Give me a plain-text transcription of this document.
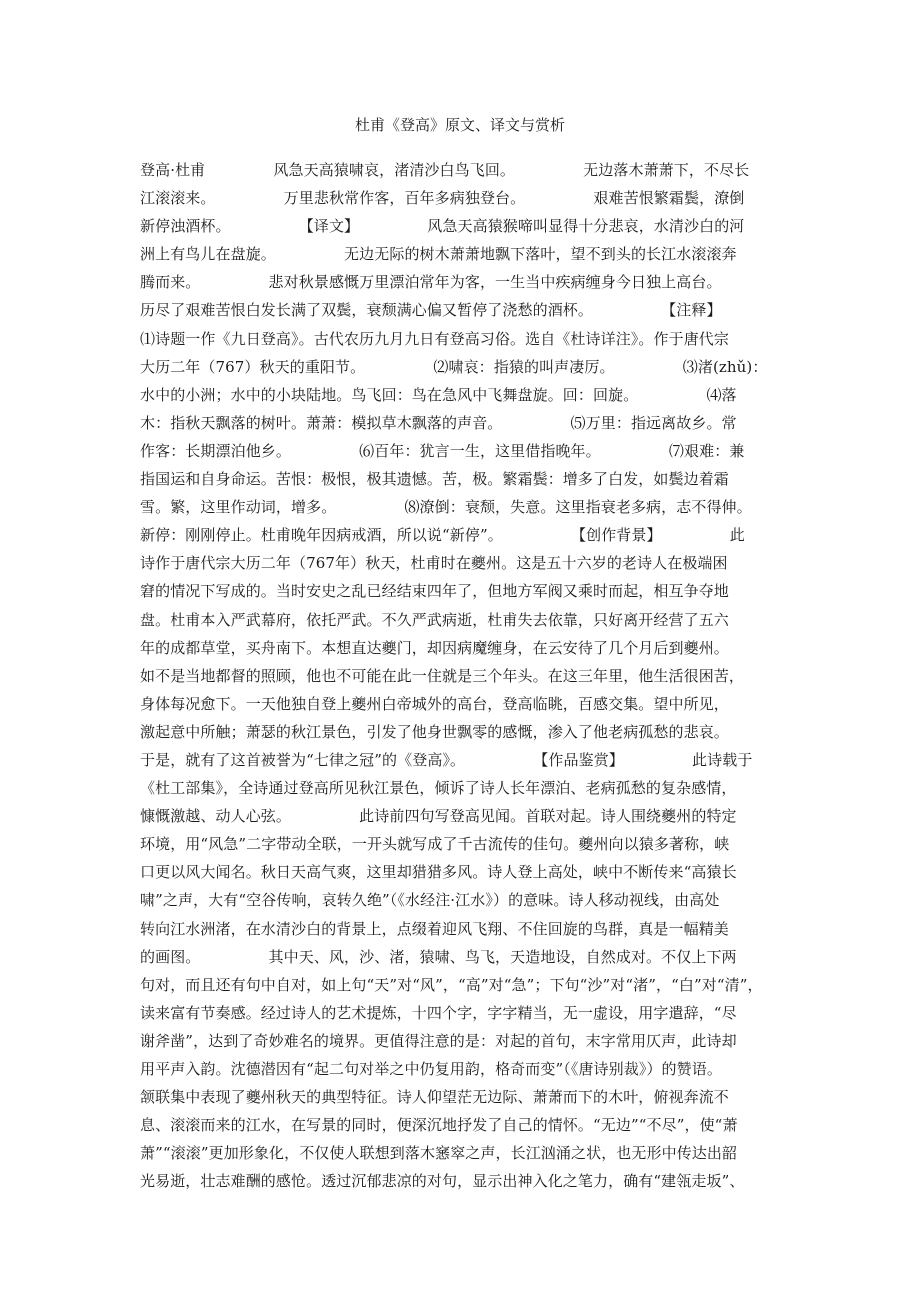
杜甫《登高》原文、译文与赏析
登高·杜甫              风急天高猿啸哀，渚清沙白鸟飞回。              无边落木萧萧下，不尽长
江滚滚来。              万里悲秋常作客，百年多病独登台。              艰难苦恨繁霜鬓，潦倒
新停浊酒杯。              【译文】              风急天高猿猴啼叫显得十分悲哀，水清沙白的河
洲上有鸟儿在盘旋。              无边无际的树木萧萧地飘下落叶，望不到头的长江水滚滚奔
腾而来。              悲对秋景感慨万里漂泊常年为客，一生当中疾病缠身今日独上高台。
历尽了艰难苦恨白发长满了双鬓，衰颓满心偏又暂停了浇愁的酒杯。              【注释】
⑴诗题一作《九日登高》。古代农历九月九日有登高习俗。选自《杜诗详注》。作于唐代宗
大历二年（767）秋天的重阳节。              ⑵啸哀：指猿的叫声凄厉。              ⑶渚(zhǔ)：
水中的小洲；水中的小块陆地。鸟飞回：鸟在急风中飞舞盘旋。回：回旋。              ⑷落
木：指秋天飘落的树叶。萧萧：模拟草木飘落的声音。              ⑸万里：指远离故乡。常
作客：长期漂泊他乡。              ⑹百年：犹言一生，这里借指晚年。              ⑺艰难：兼
指国运和自身命运。苦恨：极恨，极其遗憾。苦，极。繁霜鬓：增多了白发，如鬓边着霜
雪。繁，这里作动词，增多。              ⑻潦倒：衰颓，失意。这里指衰老多病，志不得伸。
新停：刚刚停止。杜甫晚年因病戒酒，所以说“新停”。              【创作背景】              此
诗作于唐代宗大历二年（767年）秋天，杜甫时在夔州。这是五十六岁的老诗人在极端困
窘的情况下写成的。当时安史之乱已经结束四年了，但地方军阀又乘时而起，相互争夺地
盘。杜甫本入严武幕府，依托严武。不久严武病逝，杜甫失去依靠，只好离开经营了五六
年的成都草堂，买舟南下。本想直达夔门，却因病魔缠身，在云安待了几个月后到夔州。
如不是当地都督的照顾，他也不可能在此一住就是三个年头。在这三年里，他生活很困苦，
身体每况愈下。一天他独自登上夔州白帝城外的高台，登高临眺，百感交集。望中所见，
激起意中所触；萧瑟的秋江景色，引发了他身世飘零的感慨，渗入了他老病孤愁的悲哀。
于是，就有了这首被誉为“七律之冠”的《登高》。              【作品鉴赏】              此诗载于
《杜工部集》，全诗通过登高所见秋江景色，倾诉了诗人长年漂泊、老病孤愁的复杂感情，
慷慨激越、动人心弦。              此诗前四句写登高见闻。首联对起。诗人围绕夔州的特定
环境，用“风急”二字带动全联，一开头就写成了千古流传的佳句。夔州向以猿多著称，峡
口更以风大闻名。秋日天高气爽，这里却猎猎多风。诗人登上高处，峡中不断传来“高猿长
啸”之声，大有“空谷传响，哀转久绝”（《水经注·江水》）的意味。诗人移动视线，由高处
转向江水洲渚，在水清沙白的背景上，点缀着迎风飞翔、不住回旋的鸟群，真是一幅精美
的画图。              其中天、风，沙、渚，猿啸、鸟飞，天造地设，自然成对。不仅上下两
句对，而且还有句中自对，如上句“天”对“风”，“高”对“急”；下句“沙”对“渚”，“白”对“清”，
读来富有节奏感。经过诗人的艺术提炼，十四个字，字字精当，无一虚设，用字遣辞，“尽
谢斧凿”，达到了奇妙难名的境界。更值得注意的是：对起的首句，末字常用仄声，此诗却
用平声入韵。沈德潜因有“起二句对举之中仍复用韵，格奇而变”（《唐诗别裁》）的赞语。
颔联集中表现了夔州秋天的典型特征。诗人仰望茫无边际、萧萧而下的木叶，俯视奔流不
息、滚滚而来的江水，在写景的同时，便深沉地抒发了自己的情怀。“无边”“不尽”，使“萧
萧”“滚滚”更加形象化，不仅使人联想到落木窸窣之声，长江汹涌之状，也无形中传达出韶
光易逝，壮志难酬的感怆。透过沉郁悲凉的对句，显示出神入化之笔力，确有“建瓴走坂”、
